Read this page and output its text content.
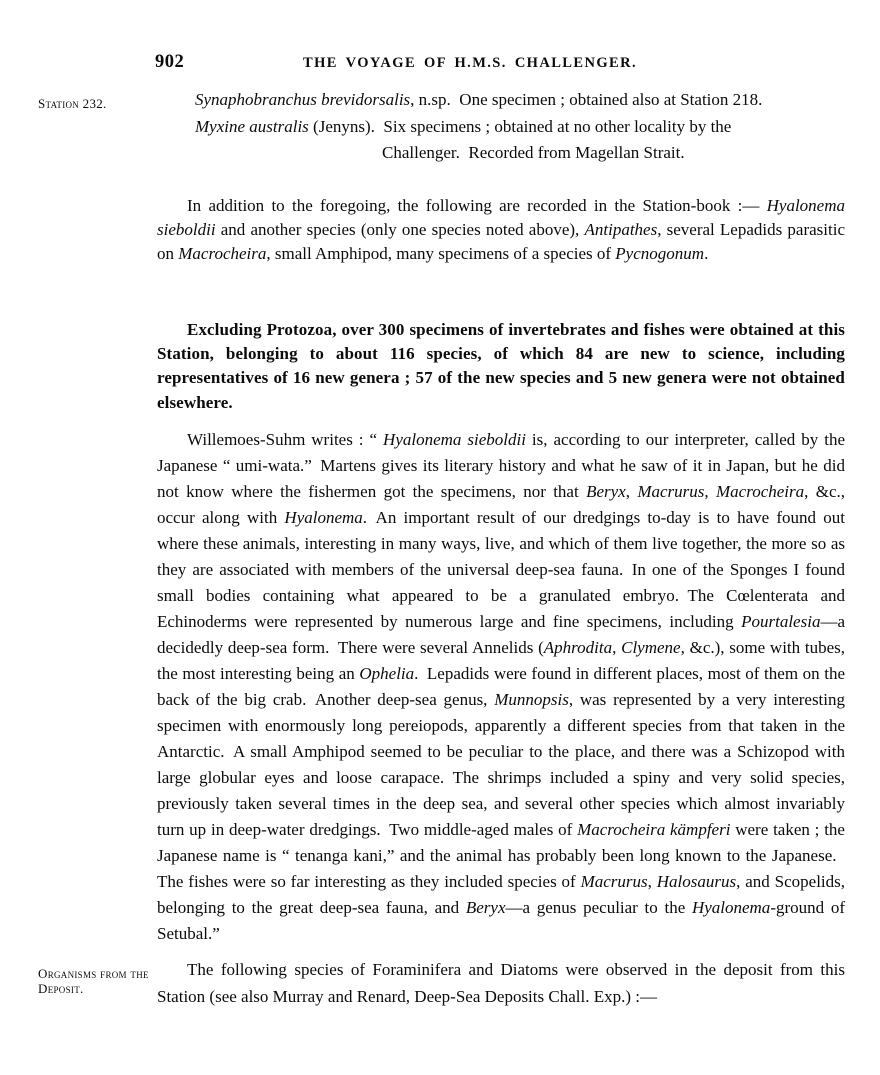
902	THE VOYAGE OF H.M.S. CHALLENGER.
Station 232.	Synaphobranchus brevidorsalis, n.sp. One specimen ; obtained also at Station 218.
Myxine australis (Jenyns). Six specimens ; obtained at no other locality by the
Challenger. Recorded from Magellan Strait.

In addition to the foregoing, the following are recorded in the Station-book :— Hyalonema sieboldii and another species (only one species noted above), Antipathes, several Lepadids parasitic on Macrocheira, small Amphipod, many specimens of a species of Pycnogonum.

Excluding Protozoa, over 300 specimens of invertebrates and fishes were obtained at this Station, belonging to about 116 species, of which 84 are new to science, including representatives of 16 new genera ; 57 of the new species and 5 new genera were not obtained elsewhere.

Willemoes-Suhm writes : “ Hyalonema sieboldii is, according to our interpreter, called by the Japanese “ umi-wata.” Martens gives its literary history and what he saw of it in Japan, but he did not know where the fishermen got the specimens, nor that Beryx, Macrurus, Macrocheira, &c., occur along with Hyalonema. An important result of our dredgings to-day is to have found out where these animals, interesting in many ways, live, and which of them live together, the more so as they are associated with members of the universal deep-sea fauna. In one of the Sponges I found small bodies containing what appeared to be a granulated embryo. The Cœlenterata and Echinoderms were represented by numerous large and fine specimens, including Pourtalesia—a decidedly deep-sea form. There were several Annelids (Aphrodita, Clymene, &c.), some with tubes, the most interesting being an Ophelia. Lepadids were found in different places, most of them on the back of the big crab. Another deep-sea genus, Munnopsis, was represented by a very interesting specimen with enormously long pereiopods, apparently a different species from that taken in the Antarctic. A small Amphipod seemed to be peculiar to the place, and there was a Schizopod with large globular eyes and loose carapace. The shrimps included a spiny and very solid species, previously taken several times in the deep sea, and several other species which almost invariably turn up in deep-water dredgings. Two middle-aged males of Macrocheira kämpferi were taken ; the Japanese name is “ tenanga kani,” and the animal has probably been long known to the Japanese. The fishes were so far interesting as they included species of Macrurus, Halosaurus, and Scopelids, belonging to the great deep-sea fauna, and Beryx—a genus peculiar to the Hyalonema-ground of Setubal.”

Organisms from the Deposit.

The following species of Foraminifera and Diatoms were observed in the deposit from this Station (see also Murray and Renard, Deep-Sea Deposits Chall. Exp.) :—
